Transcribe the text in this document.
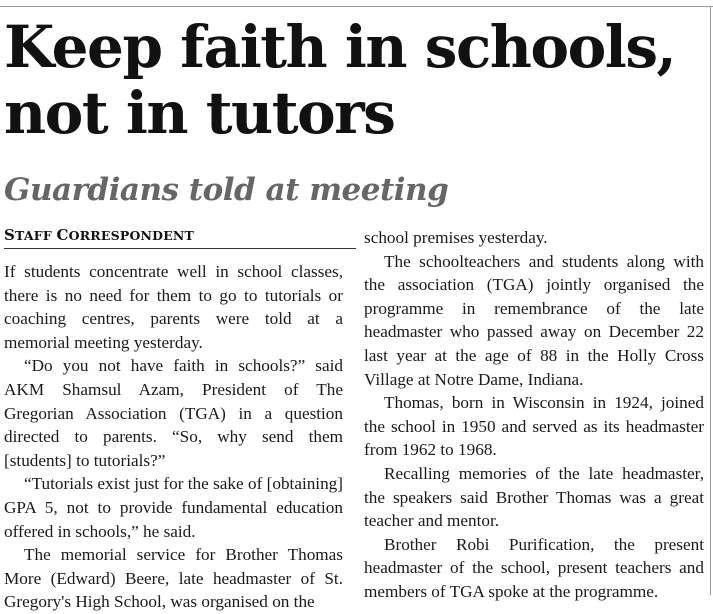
Keep faith in schools, not in tutors
Guardians told at meeting
STAFF CORRESPONDENT

If students concentrate well in school classes, there is no need for them to go to tutorials or coaching centres, parents were told at a memorial meeting yesterday.

“Do you not have faith in schools?” said AKM Shamsul Azam, President of The Gregorian Association (TGA) in a question directed to parents. “So, why send them [students] to tutorials?”

“Tutorials exist just for the sake of [obtaining] GPA 5, not to provide fundamental education offered in schools,” he said.

The memorial service for Brother Thomas More (Edward) Beere, late headmaster of St. Gregory's High School, was organised on the

school premises yesterday.

The schoolteachers and students along with the association (TGA) jointly organised the programme in remembrance of the late headmaster who passed away on December 22 last year at the age of 88 in the Holly Cross Village at Notre Dame, Indiana.

Thomas, born in Wisconsin in 1924, joined the school in 1950 and served as its headmaster from 1962 to 1968.

Recalling memories of the late headmaster, the speakers said Brother Thomas was a great teacher and mentor.

Brother Robi Purification, the present headmaster of the school, present teachers and members of TGA spoke at the programme.
